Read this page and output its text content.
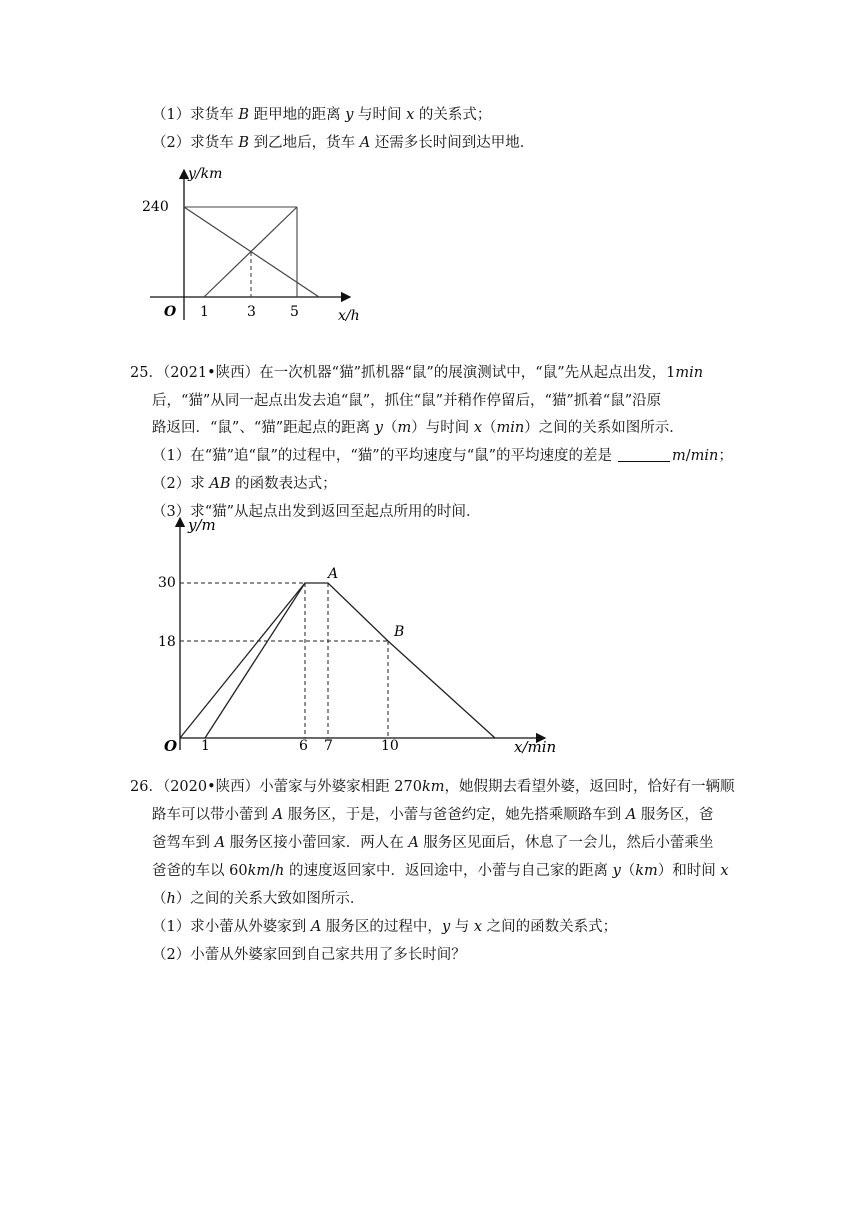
（1）求货车 B 距甲地的距离 y 与时间 x 的关系式；
（2）求货车 B 到乙地后，货车 A 还需多长时间到达甲地．
y/km
x/h
O
240
1	3 5
25．（2021•陕西）在一次机器“猫”抓机器“鼠”的展演测试中，“鼠”先从起点出发，1min
后，“猫”从同一起点出发去追“鼠”，抓住“鼠”并稍作停留后，“猫”抓着“鼠”沿原
路返回．“鼠”、“猫”距起点的距离 y（m）与时间 x（min）之间的关系如图所示．
（1）在“猫”追“鼠”的过程中，“猫”的平均速度与“鼠”的平均速度的差是	m/min；
（2）求 AB 的函数表达式；
（3）求“猫”从起点出发到返回至起点所用的时间．
y/m
x/min
O
30
18
1	6 7	10
A
B
26．（2020•陕西）小蕾家与外婆家相距 270km，她假期去看望外婆，返回时，恰好有一辆顺
路车可以带小蕾到 A 服务区，于是，小蕾与爸爸约定，她先搭乘顺路车到 A 服务区，爸
爸驾车到 A 服务区接小蕾回家．两人在 A 服务区见面后，休息了一会儿，然后小蕾乘坐
爸爸的车以 60km/h 的速度返回家中．返回途中，小蕾与自己家的距离 y（km）和时间 x
（h）之间的关系大致如图所示．
（1）求小蕾从外婆家到 A 服务区的过程中，y 与 x 之间的函数关系式；
（2）小蕾从外婆家回到自己家共用了多长时间？
